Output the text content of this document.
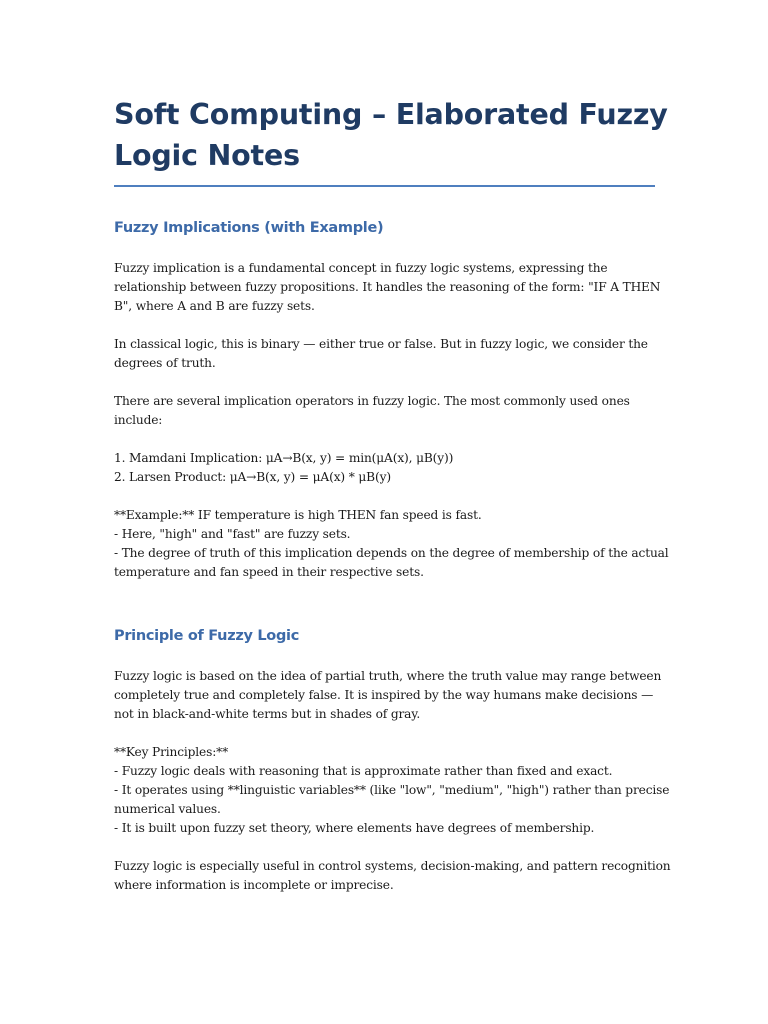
Soft Computing – Elaborated Fuzzy
Logic Notes
Fuzzy Implications (with Example)

Fuzzy implication is a fundamental concept in fuzzy logic systems, expressing the
relationship between fuzzy propositions. It handles the reasoning of the form: "IF A THEN
B", where A and B are fuzzy sets.

In classical logic, this is binary — either true or false. But in fuzzy logic, we consider the
degrees of truth.

There are several implication operators in fuzzy logic. The most commonly used ones
include:

1. Mamdani Implication: μA→B(x, y) = min(μA(x), μB(y))
2. Larsen Product: μA→B(x, y) = μA(x) * μB(y)

**Example:** IF temperature is high THEN fan speed is fast.
- Here, "high" and "fast" are fuzzy sets.
- The degree of truth of this implication depends on the degree of membership of the actual
temperature and fan speed in their respective sets.

Principle of Fuzzy Logic

Fuzzy logic is based on the idea of partial truth, where the truth value may range between
completely true and completely false. It is inspired by the way humans make decisions —
not in black-and-white terms but in shades of gray.

**Key Principles:**
- Fuzzy logic deals with reasoning that is approximate rather than fixed and exact.
- It operates using **linguistic variables** (like "low", "medium", "high") rather than precise
numerical values.
- It is built upon fuzzy set theory, where elements have degrees of membership.

Fuzzy logic is especially useful in control systems, decision-making, and pattern recognition
where information is incomplete or imprecise.
